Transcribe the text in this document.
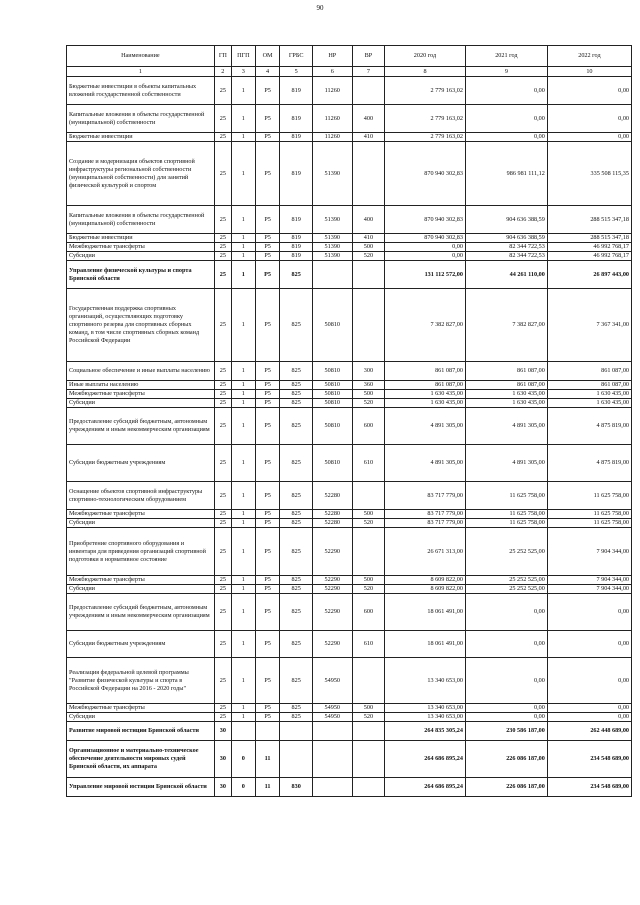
90
Наименование	ГП	ПГП	ОМ	ГРБС	НР	ВР	2020 год	2021 год	2022 год
1	2	3	4	5	6	7	8	9	10
Бюджетные инвестиции в объекты капитальных вложений государственной собственности	25	1	P5	819	11260		2 779 163,02	0,00	0,00
Капитальные вложения в объекты государственной (муниципальной) собственности	25	1	P5	819	11260	400	2 779 163,02	0,00	0,00
Бюджетные инвестиции	25	1	P5	819	11260	410	2 779 163,02	0,00	0,00
Создание и модернизация объектов спортивной инфраструктуры региональной собственности (муниципальной собственности) для занятий физической культурой и спортом	25	1	P5	819	51390		870 940 302,83	986 981 111,12	335 508 115,35
Капитальные вложения в объекты государственной (муниципальной) собственности	25	1	P5	819	51390	400	870 940 302,83	904 636 388,59	288 515 347,18
Бюджетные инвестиции	25	1	P5	819	51390	410	870 940 302,83	904 636 388,59	288 515 347,18
Межбюджетные трансферты	25	1	P5	819	51390	500	0,00	82 344 722,53	46 992 768,17
Субсидии	25	1	P5	819	51390	520	0,00	82 344 722,53	46 992 768,17
Управление физической культуры и спорта Брянской области	25	1	P5	825			131 112 572,00	44 261 110,00	26 897 443,00
Государственная поддержка спортивных организаций, осуществляющих подготовку спортивного резерва для спортивных сборных команд, в том числе спортивных сборных команд Российской Федерации	25	1	P5	825	50810		7 382 827,00	7 382 827,00	7 367 341,00
Социальное обеспечение и иные выплаты населению	25	1	P5	825	50810	300	861 087,00	861 087,00	861 087,00
Иные выплаты населению	25	1	P5	825	50810	360	861 087,00	861 087,00	861 087,00
Межбюджетные трансферты	25	1	P5	825	50810	500	1 630 435,00	1 630 435,00	1 630 435,00
Субсидии	25	1	P5	825	50810	520	1 630 435,00	1 630 435,00	1 630 435,00
Предоставление субсидий бюджетным, автономным учреждениям и иным некоммерческим организациям	25	1	P5	825	50810	600	4 891 305,00	4 891 305,00	4 875 819,00
Субсидии бюджетным учреждениям	25	1	P5	825	50810	610	4 891 305,00	4 891 305,00	4 875 819,00
Оснащение объектов спортивной инфраструктуры спортивно-технологическим оборудованием	25	1	P5	825	52280		83 717 779,00	11 625 758,00	11 625 758,00
Межбюджетные трансферты	25	1	P5	825	52280	500	83 717 779,00	11 625 758,00	11 625 758,00
Субсидии	25	1	P5	825	52280	520	83 717 779,00	11 625 758,00	11 625 758,00
Приобретение спортивного оборудования и инвентаря для приведения организаций спортивной подготовки в нормативное состояние	25	1	P5	825	52290		26 671 313,00	25 252 525,00	7 904 344,00
Межбюджетные трансферты	25	1	P5	825	52290	500	8 609 822,00	25 252 525,00	7 904 344,00
Субсидии	25	1	P5	825	52290	520	8 609 822,00	25 252 525,00	7 904 344,00
Предоставление субсидий бюджетным, автономным учреждениям и иным некоммерческим организациям	25	1	P5	825	52290	600	18 061 491,00	0,00	0,00
Субсидии бюджетным учреждениям	25	1	P5	825	52290	610	18 061 491,00	0,00	0,00
Реализация федеральной целевой программы "Развитие физической культуры и спорта в Российской Федерации на 2016 - 2020 годы"	25	1	P5	825	54950		13 340 653,00	0,00	0,00
Межбюджетные трансферты	25	1	P5	825	54950	500	13 340 653,00	0,00	0,00
Субсидии	25	1	P5	825	54950	520	13 340 653,00	0,00	0,00
Развитие мировой юстиции Брянской области	30						264 835 305,24	230 586 187,00	262 448 689,00
Организационное и материально-техническое обеспечение деятельности мировых судей Брянской области, их аппарата	30	0	11				264 686 895,24	226 086 187,00	234 548 689,00
Управление мировой юстиции Брянской области	30	0	11	830			264 686 895,24	226 086 187,00	234 548 689,00
